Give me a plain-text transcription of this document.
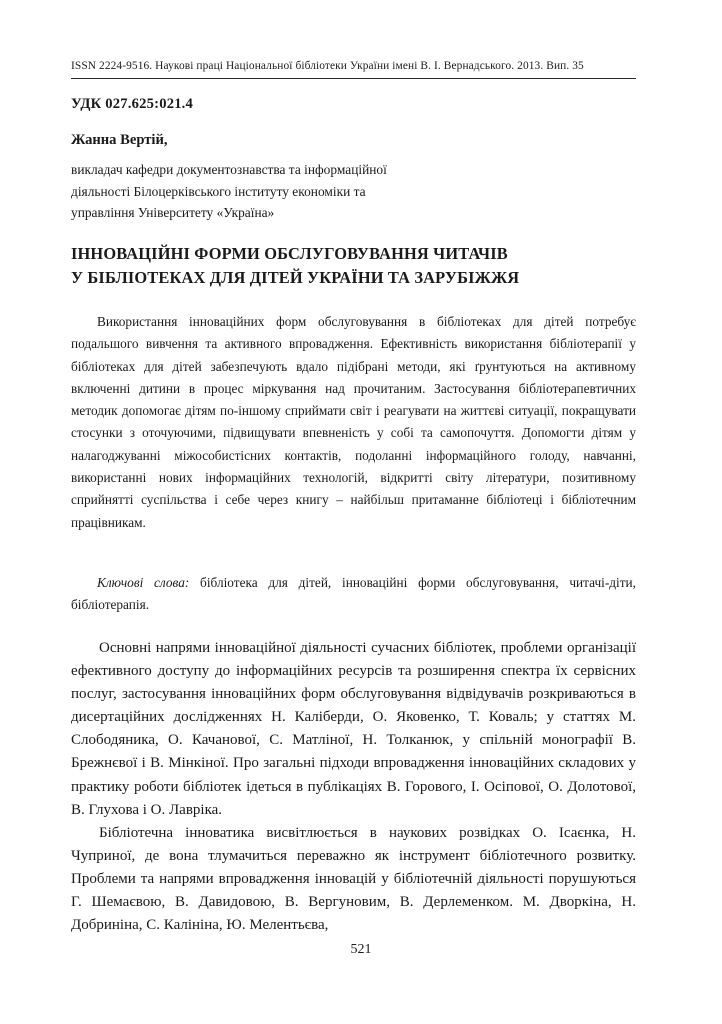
ISSN 2224-9516. Наукові праці Національної бібліотеки України імені В. І. Вернадського. 2013. Вип. 35
УДК 027.625:021.4
Жанна Вертій,
викладач кафедри документознавства та інформаційної
діяльності Білоцерківського інституту економіки та
управління Університету «Україна»
ІННОВАЦІЙНІ ФОРМИ ОБСЛУГОВУВАННЯ ЧИТАЧІВ
У БІБЛІОТЕКАХ ДЛЯ ДІТЕЙ УКРАЇНИ ТА ЗАРУБІЖЖЯ
Використання інноваційних форм обслуговування в бібліотеках для дітей потребує подальшого вивчення та активного впровадження. Ефективність використання бібліотерапії у бібліотеках для дітей забезпечують вдало підібрані методи, які ґрунтуються на активному включенні дитини в процес міркування над прочитаним. Застосування бібліотерапевтичних методик допомогає дітям по-іншому сприймати світ і реагувати на життєві ситуації, покращувати стосунки з оточуючими, підвищувати впевненість у собі та самопочуття. Допомогти дітям у налагоджуванні міжособистісних контактів, подоланні інформаційного голоду, навчанні, використанні нових інформаційних технологій, відкритті світу літератури, позитивному сприйнятті суспільства і себе через книгу – найбільш притаманне бібліотеці і бібліотечним працівникам.
Ключові слова: бібліотека для дітей, інноваційні форми обслуговування, читачі-діти, бібліотерапія.

Основні напрями інноваційної діяльності сучасних бібліотек, проблеми організації ефективного доступу до інформаційних ресурсів та розширення спектра їх сервісних послуг, застосування інноваційних форм обслуговування відвідувачів розкриваються в дисертаційних дослідженнях Н. Каліберди, О. Яковенко, Т. Коваль; у статтях М. Слободяника, О. Качанової, С. Матліної, Н. Толканюк, у спільній монографії В. Брежнєвої і В. Мінкіної. Про загальні підходи впровадження інноваційних складових у практику роботи бібліотек ідеться в публікаціях В. Горового, І. Осіпової, О. Долотової, В. Глухова і О. Лавріка.

Бібліотечна інноватика висвітлюється в наукових розвідках О. Ісаєнка, Н. Чуприної, де вона тлумачиться переважно як інструмент бібліотечного розвитку. Проблеми та напрями впровадження інновацій у бібліотечній діяльності порушуються Г. Шемаєвою, В. Давидовою, В. Вергуновим, В. Дерлеменком. М. Дворкіна, Н. Добриніна, С. Калініна, Ю. Мелентьєва,

521
